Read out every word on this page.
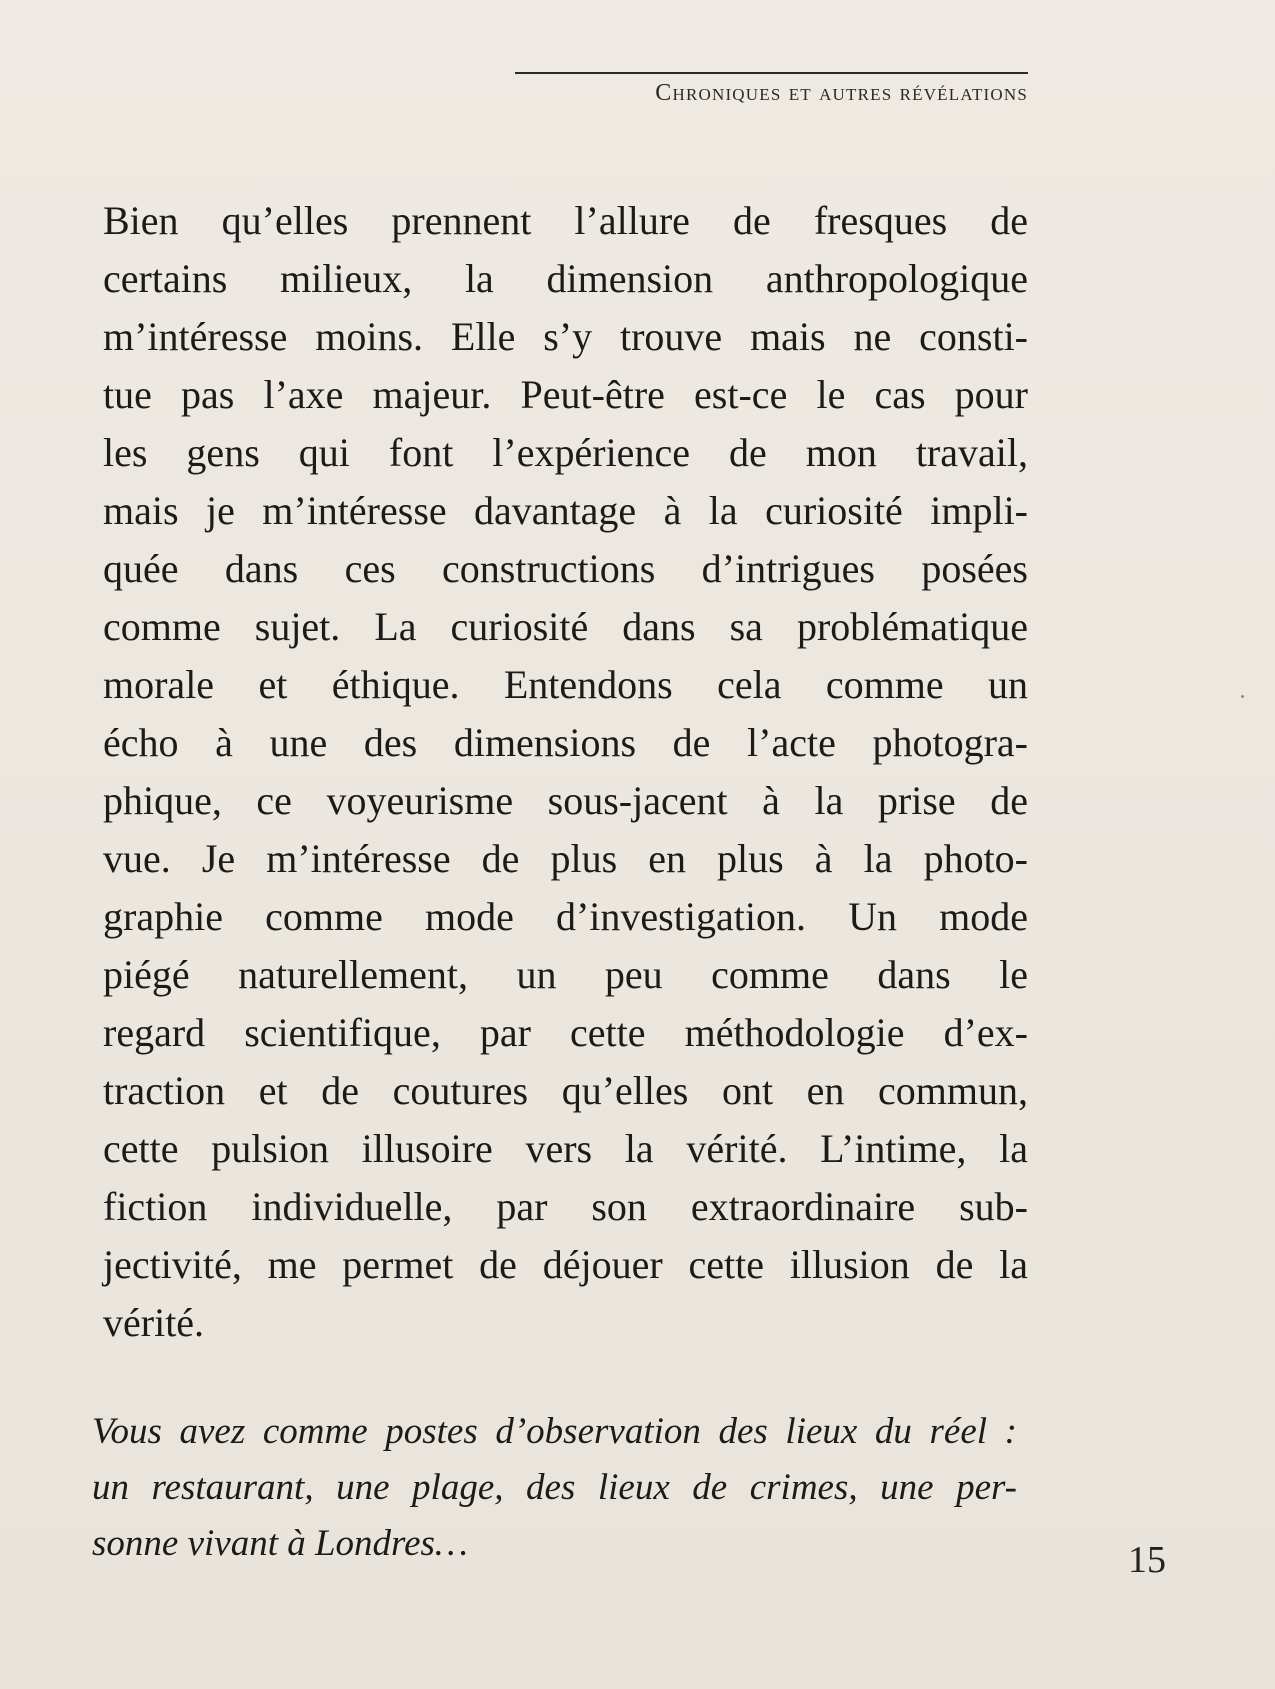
Chroniques et autres révélations
Bien qu’elles prennent l’allure de fresques de
certains milieux, la dimension anthropologique
m’intéresse moins. Elle s’y trouve mais ne consti-
tue pas l’axe majeur. Peut-être est-ce le cas pour
les gens qui font l’expérience de mon travail,
mais je m’intéresse davantage à la curiosité impli-
quée dans ces constructions d’intrigues posées
comme sujet. La curiosité dans sa problématique
morale et éthique. Entendons cela comme un
écho à une des dimensions de l’acte photogra-
phique, ce voyeurisme sous-jacent à la prise de
vue. Je m’intéresse de plus en plus à la photo-
graphie comme mode d’investigation. Un mode
piégé naturellement, un peu comme dans le
regard scientifique, par cette méthodologie d’ex-
traction et de coutures qu’elles ont en commun,
cette pulsion illusoire vers la vérité. L’intime, la
fiction individuelle, par son extraordinaire sub-
jectivité, me permet de déjouer cette illusion de la
vérité.
Vous avez comme postes d’observation des lieux du réel :
un restaurant, une plage, des lieux de crimes, une per-
sonne vivant à Londres…	15
